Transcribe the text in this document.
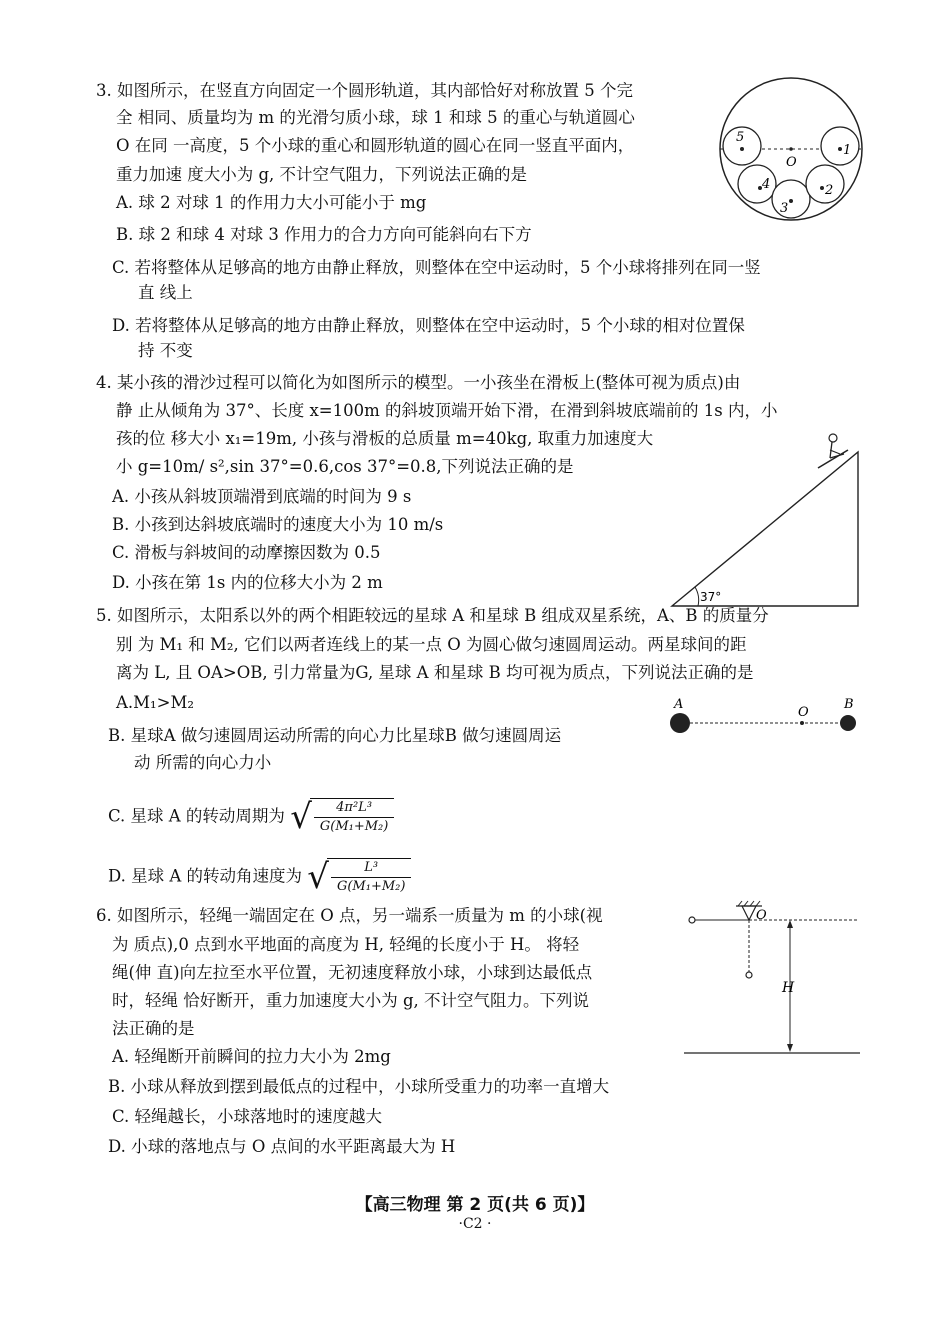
3. 如图所示，在竖直方向固定一个圆形轨道，其内部恰好对称放置 5 个完
全 相同、质量均为 m 的光滑匀质小球，球 1 和球 5 的重心与轨道圆心
O 在同 一高度，5 个小球的重心和圆形轨道的圆心在同一竖直平面内，
重力加速 度大小为 g, 不计空气阻力，下列说法正确的是
A. 球 2 对球 1 的作用力大小可能小于 mg
B. 球 2 和球 4 对球 3 作用力的合力方向可能斜向右下方
C. 若将整体从足够高的地方由静止释放，则整体在空中运动时，5 个小球将排列在同一竖
直 线上
D. 若将整体从足够高的地方由静止释放，则整体在空中运动时，5 个小球的相对位置保
持 不变
5
O
1
4
3
2
4. 某小孩的滑沙过程可以简化为如图所示的模型。一小孩坐在滑板上(整体可视为质点)由
静 止从倾角为 37°、长度 x=100m 的斜坡顶端开始下滑，在滑到斜坡底端前的 1s 内，小
孩的位 移大小 x₁=19m, 小孩与滑板的总质量 m=40kg, 取重力加速度大
小 g=10m/ s²,sin 37°=0.6,cos 37°=0.8,下列说法正确的是
A. 小孩从斜坡顶端滑到底端的时间为 9 s
B. 小孩到达斜坡底端时的速度大小为 10 m/s
C. 滑板与斜坡间的动摩擦因数为 0.5
D. 小孩在第 1s 内的位移大小为 2 m
37°
5. 如图所示，太阳系以外的两个相距较远的星球 A 和星球 B 组成双星系统，A、B 的质量分
别 为 M₁ 和 M₂, 它们以两者连线上的某一点 O 为圆心做匀速圆周运动。两星球间的距
离为 L, 且 OA>OB, 引力常量为G, 星球 A 和星球 B 均可视为质点，下列说法正确的是
A.M₁>M₂
B. 星球A 做匀速圆周运动所需的向心力比星球B 做匀速圆周运
动 所需的向心力小
C. 星球 A 的转动周期为 √
$\frac{\text{4π²L³}}{\text{G(M₁+M₂)}}$
D. 星球 A 的转动角速度为 √
$\frac{\text{L³}}{\text{G(M₁+M₂)}}$
A
O
B
6. 如图所示，轻绳一端固定在 O 点，另一端系一质量为 m 的小球(视
为 质点),0 点到水平地面的高度为 H, 轻绳的长度小于 H。 将轻
绳(伸 直)向左拉至水平位置，无初速度释放小球，小球到达最低点
时，轻绳 恰好断开，重力加速度大小为 g, 不计空气阻力。下列说
法正确的是
A. 轻绳断开前瞬间的拉力大小为 2mg
B. 小球从释放到摆到最低点的过程中，小球所受重力的功率一直增大
C. 轻绳越长，小球落地时的速度越大
D. 小球的落地点与 O 点间的水平距离最大为 H
O
H
【高三物理 第 2 页(共 6 页)】
·C2 ·
